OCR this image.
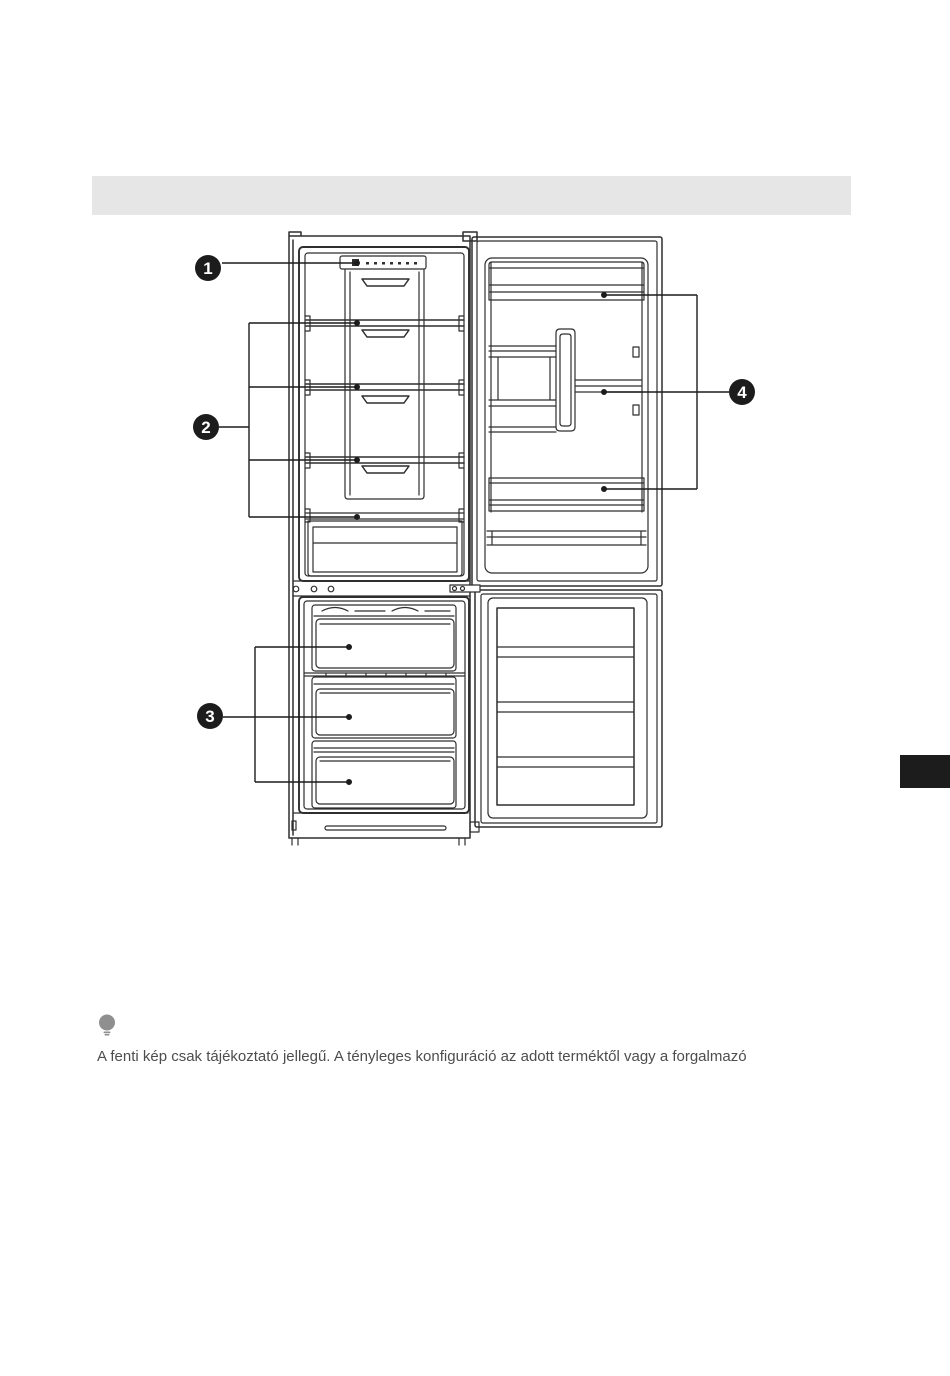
1
2
3
4
A fenti kép csak tájékoztató jellegű. A tényleges konfiguráció az adott terméktől vagy a forgalmazó
